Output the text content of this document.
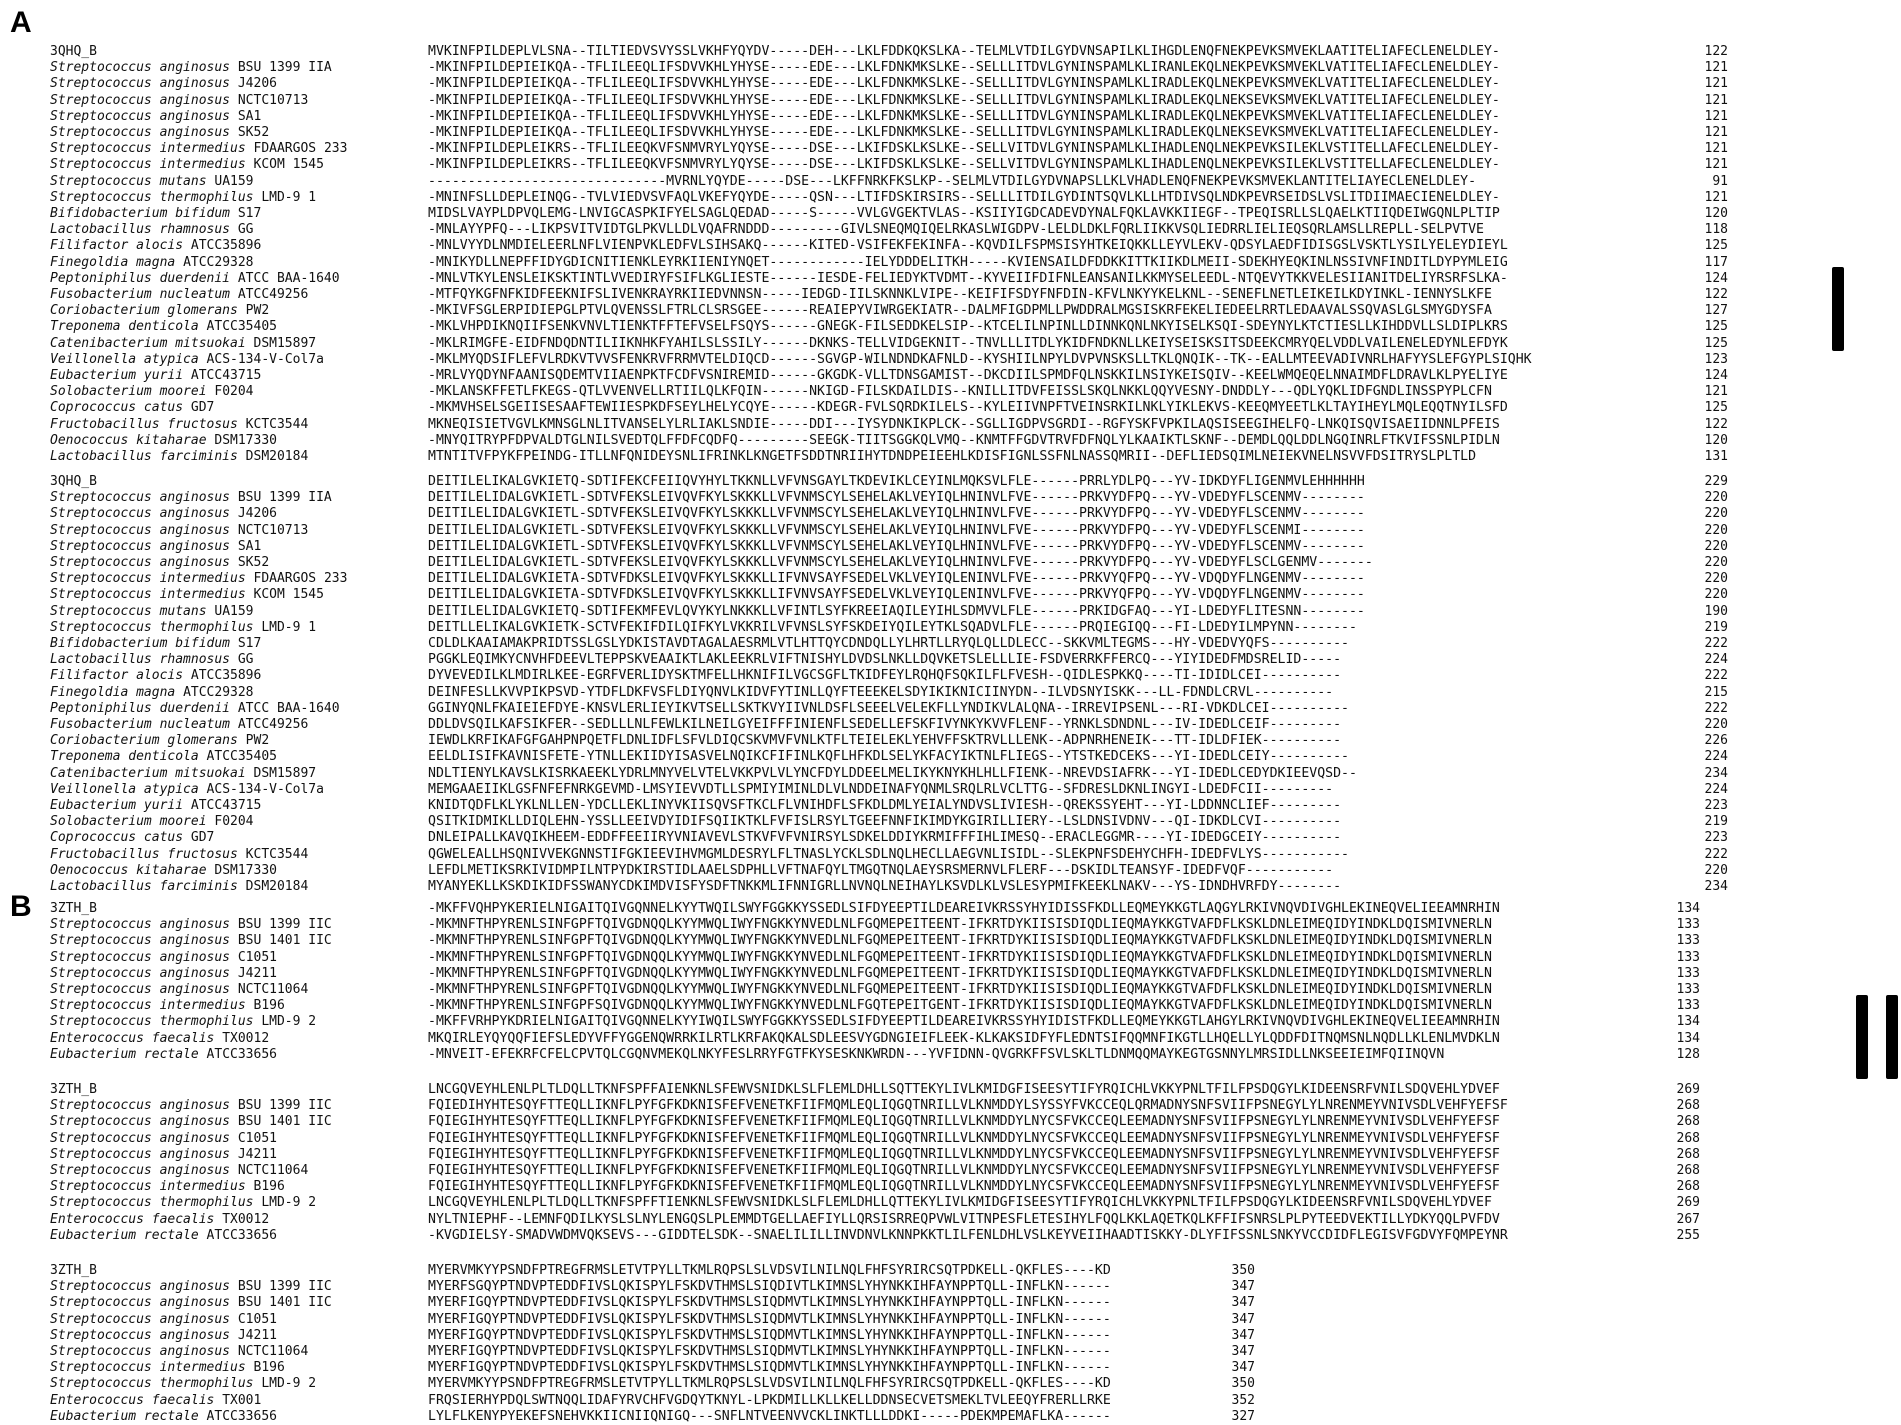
A
B
3QHQ_B	MVKINFPILDEPLVLSNA--TILTIEDVSVYSSLVKHFYQYDV-----DEH---LKLFDDKQKSLKA--TELMLVTDILGYDVNSAPILKLIHGDLENQFNEKPEVKSMVEKLAATITELIAFECLENELDLEY-	122
Streptococcus anginosus BSU 1399 IIA	-MKINFPILDEPIEIKQA--TFLILEEQLIFSDVVKHLYHYSE-----EDE---LKLFDNKMKSLKE--SELLLITDVLGYNINSPAMLKLIRANLEKQLNEKPEVKSMVEKLVATITELIAFECLENELDLEY-	121
Streptococcus anginosus J4206	-MKINFPILDEPIEIKQA--TFLILEEQLIFSDVVKHLYHYSE-----EDE---LKLFDNKMKSLKE--SELLLITDVLGYNINSPAMLKLIRADLEKQLNEKPEVKSMVEKLVATITELIAFECLENELDLEY-	121
Streptococcus anginosus NCTC10713	-MKINFPILDEPIEIKQA--TFLILEEQLIFSDVVKHLYHYSE-----EDE---LKLFDNKMKSLKE--SELLLITDVLGYNINSPAMLKLIRADLEKQLNEKSEVKSMVEKLVATITELIAFECLENELDLEY-	121
Streptococcus anginosus SA1	-MKINFPILDEPIEIKQA--TFLILEEQLIFSDVVKHLYHYSE-----EDE---LKLFDNKMKSLKE--SELLLITDVLGYNINSPAMLKLIRADLEKQLNEKPEVKSMVEKLVATITELIAFECLENELDLEY-	121
Streptococcus anginosus SK52	-MKINFPILDEPIEIKQA--TFLILEEQLIFSDVVKHLYHYSE-----EDE---LKLFDNKMKSLKE--SELLLITDVLGYNINSPAMLKLIRADLEKQLNEKSEVKSMVEKLVATITELIAFECLENELDLEY-	121
Streptococcus intermedius FDAARGOS 233	-MKINFPILDEPLEIKRS--TFLILEEQKVFSNMVRYLYQYSE-----DSE---LKIFDSKLKSLKE--SELLVITDVLGYNINSPAMLKLIHADLENQLNEKPEVKSILEKLVSTITELLAFECLENELDLEY-	121
Streptococcus intermedius KCOM 1545	-MKINFPILDEPLEIKRS--TFLILEEQKVFSNMVRYLYQYSE-----DSE---LKIFDSKLKSLKE--SELLVITDVLGYNINSPAMLKLIHADLENQLNEKPEVKSILEKLVSTITELLAFECLENELDLEY-	121
Streptococcus mutans UA159	------------------------------MVRNLYQYDE-----DSE---LKFFNRKFKSLKP--SELMLVTDILGYDVNAPSLLKLVHADLENQFNEKPEVKSMVEKLANTITELIAYECLENELDLEY-	91
Streptococcus thermophilus LMD-9 1	-MNINFSLLDEPLEINQG--TVLVIEDVSVFAQLVKEFYQYDE-----QSN---LTIFDSKIRSIRS--SELLLITDILGYDINTSQVLKLLHTDIVSQLNDKPEVRSEIDSLVSLITDIIMAECIENELDLEY-	121
Bifidobacterium bifidum S17	MIDSLVAYPLDPVQLEMG-LNVIGCASPKIFYELSAGLQEDAD-----S-----VVLGVGEKTVLAS--KSIIYIGDCADEVDYNALFQKLAVKKIIEGF--TPEQISRLLSLQAELKTIIQDEIWGQNLPLTIP	120
Lactobacillus rhamnosus GG	-MNLAYYPFQ---LIKPSVITVIDTGLPKVLLDLVQAFRNDDD---------GIVLSNEQMQIQELRKASLWIGDPV-LELDLDKLFQRLIIKKVSQLIEDRRLIELIEQSQRLAMSLLREPLL-SELPVTVE	118
Filifactor alocis ATCC35896	-MNLVYYDLNMDIELEERLNFLVIENPVKLEDFVLSIHSAKQ------KITED-VSIFEKFEKINFA--KQVDILFSPMSISYHTKEIQKKLLEYVLEKV-QDSYLAEDFIDISGSLVSKTLYSILYELEYDIEYL	125
Finegoldia magna ATCC29328	-MNIKYDLLNEPFFIDYGDICNITIENKLEYRKIIENIYNQET------------IELYDDDELITKH-----KVIENSAILDFDDKKITTKIIKDLMEII-SDEKHYEQKINLNSSIVNFINDITLDYPYMLEIG	117
Peptoniphilus duerdenii ATCC BAA-1640	-MNLVTKYLENSLEIKSKTINTLVVEDIRYFSIFLKGLIESTE------IESDE-FELIEDYKTVDMT--KYVEIIFDIFNLEANSANILKKMYSELEEDL-NTQEVYTKKVELESIIANITDELIYRSRFSLKA-	124
Fusobacterium nucleatum ATCC49256	-MTFQYKGFNFKIDFEEKNIFSLIVENKRAYRKIIEDVNNSN-----IEDGD-IILSKNNKLVIPE--KEIFIFSDYFNFDIN-KFVLNKYYKELKNL--SENEFLNETLEIKEILKDYINKL-IENNYSLKFE	122
Coriobacterium glomerans PW2	-MKIVFSGLERPIDIEPGLPTVLQVENSSLFTRLCLSRSGEE------REAIEPYVIWRGEKIATR--DALMFIGDPMLLPWDDRALMGSISKRFEKELIEDEELRRTLEDAAVALSSQVASLGLSMYGDYSFA	127
Treponema denticola ATCC35405	-MKLVHPDIKNQIIFSENKVNVLTIENKTFFTEFVSELFSQYS------GNEGK-FILSEDDKELSIP--KTCELILNPINLLDINNKQNLNKYISELKSQI-SDEYNYLKTCTIESLLKIHDDVLLSLDIPLKRS	125
Catenibacterium mitsuokai DSM15897	-MKLRIMGFE-EIDFNDQDNTILIIKNHKFYAHILSLSSILY------DKNKS-TELLVIDGEKNIT--TNVLLLITDLYKIDFNDKNLLKEIYSEISKSITSDEEKCMRYQELVDDLVAILENELEDYNLEFDYK	125
Veillonella atypica ACS-134-V-Col7a	-MKLMYQDSIFLEFVLRDKVTVVSFENKRVFRRMVTELDIQCD------SGVGP-WILNDNDKAFNLD--KYSHIILNPYLDVPVNSKSLLTKLQNQIK--TK--EALLMTEEVADIVNRLHAFYYSLEFGYPLSIQHK	123
Eubacterium yurii ATCC43715	-MRLVYQDYNFAANISQDEMTVIIAENPKTFCDFVSNIREMID------GKGDK-VLLTDNSGAMIST--DKCDIILSPMDFQLNSKKILNSIYKEISQIV--KEELWMQEQELNNAIMDFLDRAVLKLPYELIYE	124
Solobacterium moorei F0204	-MKLANSKFFETLFKEGS-QTLVVENVELLRTIILQLKFQIN------NKIGD-FILSKDAILDIS--KNILLITDVFEISSLSKQLNKKLQQYVESNY-DNDDLY---QDLYQKLIDFGNDLINSSPYPLCFN	121
Coprococcus catus GD7	-MKMVHSELSGEIISESAAFTEWIIESPKDFSEYLHELYCQYE------KDEGR-FVLSQRDKILELS--KYLEIIVNPFTVEINSRKILNKLYIKLEKVS-KEEQMYEETLKLTAYIHEYLMQLEQQTNYILSFD	125
Fructobacillus fructosus KCTC3544	MKNEQISIETVGVLKMNSGLNLITVANSELYLRLIAKLSNDIE-----DDI---IYSYDNKIKPLCK--SGLLIGDPVSGRDI--RGFYSKFVPKILAQSISEEGIHELFQ-LNKQISQVISAEIIDNNLPFEIS	122
Oenococcus kitaharae DSM17330	-MNYQITRYPFDPVALDTGLNILSVEDTQLFFDFCQDFQ---------SEEGK-TIITSGGKQLVMQ--KNMTFFGDVTRVFDFNQLYLKAAIKTLSKNF--DEMDLQQLDDLNGQINRLFTKVIFSSNLPIDLN	120
Lactobacillus farciminis DSM20184	MTNTITVFPYKFPEINDG-ITLLNFQNIDEYSNLIFRINKLKNGETFSDDTNRIIHYTDNDPEIEEHLKDISFIGNLSSFNLNASSQMRII--DEFLIEDSQIMLNEIEKVNELNSVVFDSITRYSLPLTLD	131
3QHQ_B	DEITILELIKALGVKIETQ-SDTIFEKCFEIIQVYHYLTKKNLLVFVNSGAYLTKDEVIKLCEYINLMQKSVLFLE------PRRLYDLPQ---YV-IDKDYFLIGENMVLEHHHHHH	229
Streptococcus anginosus BSU 1399 IIA	DEITILELIDALGVKIETL-SDTVFEKSLEIVQVFKYLSKKKLLVFVNMSCYLSEHELAKLVEYIQLHNINVLFVE------PRKVYDFPQ---YV-VDEDYFLSCENMV--------	220
Streptococcus anginosus J4206	DEITILELIDALGVKIETL-SDTVFEKSLEIVQVFKYLSKKKLLVFVNMSCYLSEHELAKLVEYIQLHNINVLFVE------PRKVYDFPQ---YV-VDEDYFLSCENMV--------	220
Streptococcus anginosus NCTC10713	DEITILELIDALGVKIETL-SDTVFEKSLEIVQVFKYLSKKKLLVFVNMSCYLSEHELAKLVEYIQLHNINVLFVE------PRKVYDFPQ---YV-VDEDYFLSCENMI--------	220
Streptococcus anginosus SA1	DEITILELIDALGVKIETL-SDTVFEKSLEIVQVFKYLSKKKLLVFVNMSCYLSEHELAKLVEYIQLHNINVLFVE------PRKVYDFPQ---YV-VDEDYFLSCENMV--------	220
Streptococcus anginosus SK52	DEITILELIDALGVKIETL-SDTVFEKSLEIVQVFKYLSKKKLLVFVNMSCYLSEHELAKLVEYIQLHNINVLFVE------PRKVYDFPQ---YV-VDEDYFLSCLGENMV-------	220
Streptococcus intermedius FDAARGOS 233	DEITILELIDALGVKIETA-SDTVFDKSLEIVQVFKYLSKKKLLIFVNVSAYFSEDELVKLVEYIQLENINVLFVE------PRKVYQFPQ---YV-VDQDYFLNGENMV--------	220
Streptococcus intermedius KCOM 1545	DEITILELIDALGVKIETA-SDTVFDKSLEIVQVFKYLSKKKLLIFVNVSAYFSEDELVKLVEYIQLENINVLFVE------PRKVYQFPQ---YV-VDQDYFLNGENMV--------	220
Streptococcus mutans UA159	DEITILELIDALGVKIETQ-SDTIFEKMFEVLQVYKYLNKKKLLVFINTLSYFKREEIAQILEYIHLSDMVVLFLE------PRKIDGFAQ---YI-LDEDYFLITESNN--------	190
Streptococcus thermophilus LMD-9 1	DEITLLELIKALGVKIETK-SCTVFEKIFDILQIFKYLVKKRILVFVNSLSYFSKDEIYQILEYTKLSQADVLFLE------PRQIEGIQQ---FI-LDEDYILMPYNN--------	219
Bifidobacterium bifidum S17	CDLDLKAAIAMAKPRIDTSSLGSLYDKISTAVDTAGALAESRMLVTLHTTQYCDNDQLLYLHRTLLRYQLQLLDLECC--SKKVMLTEGMS---HY-VDEDVYQFS----------	222
Lactobacillus rhamnosus GG	PGGKLEQIMKYCNVHFDEEVLTEPPSKVEAAIKTLAKLEEKRLVIFTNISHYLDVDSLNKLLDQVKETSLELLLIE-FSDVERRKFFERCQ---YIYIDEDFMDSRELID-----	224
Filifactor alocis ATCC35896	DYVEVEDILKLMDIRLKEE-EGRFVERLIDYSKTMFELLHKNIFILVGCSGFLTKIDFEYLRQHQFSQKILFLFVESH--QIDLESPKKQ----TI-IDIDLCEI----------	222
Finegoldia magna ATCC29328	DEINFESLLKVVPIKPSVD-YTDFLDKFVSFLDIYQNVLKIDVFYTINLLQYFTEEEKELSDYIKIKNICIINYDN--ILVDSNYISKK---LL-FDNDLCRVL----------	215
Peptoniphilus duerdenii ATCC BAA-1640	GGINYQNLFKAIEIEFDYE-KNSVLERLIEYIKVTSELLSKTKVYIIVNLDSFLSEEELVELEKFLLYNDIKVLALQNA--IRREVIPSENL---RI-VDKDLCEI----------	222
Fusobacterium nucleatum ATCC49256	DDLDVSQILKAFSIKFER--SEDLLLNLFEWLKILNEILGYEIFFFINIENFLSEDELLEFSKFIVYNKYKVVFLENF--YRNKLSDNDNL---IV-IDEDLCEIF---------	220
Coriobacterium glomerans PW2	IEWDLKRFIKAFGFGAHPNPQETFLDNLIDFLSFVLDIQCSKVMVFVNLKTFLTEIELEKLYEHVFFSKTRVLLLENK--ADPNRHENEIK---TT-IDLDFIEK----------	226
Treponema denticola ATCC35405	EELDLISIFKAVNISFETE-YTNLLEKIIDYISASVELNQIKCFIFINLKQFLHFKDLSELYKFACYIKTNLFLIEGS--YTSTKEDCEKS---YI-IDEDLCEIY----------	224
Catenibacterium mitsuokai DSM15897	NDLTIENYLKAVSLKISRKAEEKLYDRLMNYVELVTELVKKPVLVLYNCFDYLDDEELMELIKYKNYKHLHLLFIENK--NREVDSIAFRK---YI-IDEDLCEDYDKIEEVQSD--	234
Veillonella atypica ACS-134-V-Col7a	MEMGAAEIIKLGSFNFEFNRKGEVMD-LMSYIEVVDTLLSPMIYIMINLDLVLNDDEINAFYQNMLSRQLRLVCLTTG--SFDRESLDKNLINGYI-LDEDFCII---------	224
Eubacterium yurii ATCC43715	KNIDTQDFLKLYKLNLLEN-YDCLLEKLINYVKIISQVSFTKCLFLVNIHDFLSFKDLDMLYEIALYNDVSLIVIESH--QREKSSYEHT---YI-LDDNNCLIEF---------	223
Solobacterium moorei F0204	QSITKIDMIKLLDIQLEHN-YSSLLEEIVDYIDIFSQIIKTKLFVFISLRSYLTGEEFNNFIKIMDYKGIRILLIERY--LSLDNSIVDNV---QI-IDKDLCVI----------	219
Coprococcus catus GD7	DNLEIPALLKAVQIKHEEM-EDDFFEEIIRYVNIAVEVLSTKVFVFVNIRSYLSDKELDDIYKRMIFFFIHLIMESQ--ERACLEGGMR----YI-IDEDGCEIY----------	223
Fructobacillus fructosus KCTC3544	QGWELEALLHSQNIVVEKGNNSTIFGKIEEVIHVMGMLDESRYLFLTNASLYCKLSDLNQLHECLLAEGVNLISIDL--SLEKPNFSDEHYCHFH-IDEDFVLYS-----------	222
Oenococcus kitaharae DSM17330	LEFDLMETIKSRKIVIDMPILNTPYDKIRSTIDLAAELSDPHLLVFTNAFQYLTMGQTNQLAEYSRSMERNVLFLERF---DSKIDLTEANSYF-IDEDFVQF-----------	220
Lactobacillus farciminis DSM20184	MYANYEKLLKSKDIKIDFSSWANYCDKIMDVISFYSDFTNKKMLIFNNIGRLLNVNQLNEIHAYLKSVDLKLVSLESYPMIFKEEKLNAKV---YS-IDNDHVRFDY--------	234
3ZTH_B	-MKFFVQHPYKERIELNIGAITQIVGQNNELKYYTWQILSWYFGGKKYSSEDLSIFDYEEPTILDEAREIVKRSSYHYIDISSFKDLLEQMEYKKGTLAQGYLRKIVNQVDIVGHLEKINEQVELIEEAMNRHIN	134
Streptococcus anginosus BSU 1399 IIC	-MKMNFTHPYRENLSINFGPFTQIVGDNQQLKYYMWQLIWYFNGKKYNVEDLNLFGQMEPEITEENT-IFKRTDYKIISISDIQDLIEQMAYKKGTVAFDFLKSKLDNLEIMEQIDYINDKLDQISMIVNERLN	133
Streptococcus anginosus BSU 1401 IIC	-MKMNFTHPYRENLSINFGPFTQIVGDNQQLKYYMWQLIWYFNGKKYNVEDLNLFGQMEPEITEENT-IFKRTDYKIISISDIQDLIEQMAYKKGTVAFDFLKSKLDNLEIMEQIDYINDKLDQISMIVNERLN	133
Streptococcus anginosus C1051	-MKMNFTHPYRENLSINFGPFTQIVGDNQQLKYYMWQLIWYFNGKKYNVEDLNLFGQMEPEITEENT-IFKRTDYKIISISDIQDLIEQMAYKKGTVAFDFLKSKLDNLEIMEQIDYINDKLDQISMIVNERLN	133
Streptococcus anginosus J4211	-MKMNFTHPYRENLSINFGPFTQIVGDNQQLKYYMWQLIWYFNGKKYNVEDLNLFGQMEPEITEENT-IFKRTDYKIISISDIQDLIEQMAYKKGTVAFDFLKSKLDNLEIMEQIDYINDKLDQISMIVNERLN	133
Streptococcus anginosus NCTC11064	-MKMNFTHPYRENLSINFGPFTQIVGDNQQLKYYMWQLIWYFNGKKYNVEDLNLFGQMEPEITEENT-IFKRTDYKIISISDIQDLIEQMAYKKGTVAFDFLKSKLDNLEIMEQIDYINDKLDQISMIVNERLN	133
Streptococcus intermedius B196	-MKMNFTHPYRENLSINFGPFSQIVGDNQQLKYYMWQLIWYFNGKKYNVEDLNLFGQTEPEITGENT-IFKRTDYKIISISDIQDLIEQMAYKKGTVAFDFLKSKLDNLEIMEQIDYINDKLDQISMIVNERLN	133
Streptococcus thermophilus LMD-9 2	-MKFFVRHPYKDRIELNIGAITQIVGQNNELKYYIWQILSWYFGGKKYSSEDLSIFDYEEPTILDEAREIVKRSSYHYIDISTFKDLLEQMEYKKGTLAHGYLRKIVNQVDIVGHLEKINEQVELIEEAMNRHIN	134
Enterococcus faecalis TX0012	MKQIRLEYQYQQFIEFSLEDYVFFYGGENQWRRKILRTLKRFAKQKALSDLEESVYGDNGIEIFLEEK-KLKAKSIDFYFLEDNTSIFQQMNFIKGTLLHQELLYLQDDFDITNQMSNLNQDLLKLENLMVDKLN	134
Eubacterium rectale ATCC33656	-MNVEIT-EFEKRFCFELCPVTQLCGQNVMEKQLNKYFESLRRYFGTFKYSESKNKWRDN---YVFIDNN-QVGRKFFSVLSKLTLDNMQQMAYKEGTGSNNYLMRSIDLLNKSEEIEIMFQIINQVN	128
3ZTH_B	LNCGQVEYHLENLPLTLDQLLTKNFSPFFAIENKNLSFEWVSNIDKLSLFLEMLDHLLSQTTEKYLIVLKMIDGFISEESYTIFYRQICHLVKKYPNLTFILFPSDQGYLKIDEENSRFVNILSDQVEHLYDVEF	269
Streptococcus anginosus BSU 1399 IIC	FQIEDIHYHTESQYFTTEQLLIKNFLPYFGFKDKNISFEFVENETKFIIFMQMLEQLIQGQTNRILLVLKNMDDYLSYSSYFVKCCEQLQRMADNYSNFSVIIFPSNEGYLYLNRENMEYVNIVSDLVEHFYEFSF	268
Streptococcus anginosus BSU 1401 IIC	FQIEGIHYHTESQYFTTEQLLIKNFLPYFGFKDKNISFEFVENETKFIIFMQMLEQLIQGQTNRILLVLKNMDDYLNYCSFVKCCEQLEEMADNYSNFSVIIFPSNEGYLYLNRENMEYVNIVSDLVEHFYEFSF	268
Streptococcus anginosus C1051	FQIEGIHYHTESQYFTTEQLLIKNFLPYFGFKDKNISFEFVENETKFIIFMQMLEQLIQGQTNRILLVLKNMDDYLNYCSFVKCCEQLEEMADNYSNFSVIIFPSNEGYLYLNRENMEYVNIVSDLVEHFYEFSF	268
Streptococcus anginosus J4211	FQIEGIHYHTESQYFTTEQLLIKNFLPYFGFKDKNISFEFVENETKFIIFMQMLEQLIQGQTNRILLVLKNMDDYLNYCSFVKCCEQLEEMADNYSNFSVIIFPSNEGYLYLNRENMEYVNIVSDLVEHFYEFSF	268
Streptococcus anginosus NCTC11064	FQIEGIHYHTESQYFTTEQLLIKNFLPYFGFKDKNISFEFVENETKFIIFMQMLEQLIQGQTNRILLVLKNMDDYLNYCSFVKCCEQLEEMADNYSNFSVIIFPSNEGYLYLNRENMEYVNIVSDLVEHFYEFSF	268
Streptococcus intermedius B196	FQIEGIHYHTESQYFTTEQLLIKNFLPYFGFKDKNISFEFVENETKFIIFMQMLEQLIQGQTNRILLVLKNMDDYLNYCSFVKCCEQLEEMADNYSNFSVIIFPSNEGYLYLNRENMEYVNIVSDLVEHFYEFSF	268
Streptococcus thermophilus LMD-9 2	LNCGQVEYHLENLPLTLDQLLTKNFSPFFTIENKNLSFEWVSNIDKLSLFLEMLDHLLQTTEKYLIVLKMIDGFISEESYTIFYRQICHLVKKYPNLTFILFPSDQGYLKIDEENSRFVNILSDQVEHLYDVEF	269
Enterococcus faecalis TX0012	NYLTNIEPHF--LEMNFQDILKYSLSLNYLENGQSLPLEMMDTGELLAEFIYLLQRSISRREQPVWLVITNPESFLETESIHYLFQQLKKLAQETKQLKFFIFSNRSLPLPYTEEDVEKTILLYDKYQQLPVFDV	267
Eubacterium rectale ATCC33656	-KVGDIELSY-SMADVWDMVQKSEVS---GIDDTELSDK--SNAELILILLINVDNVLKNNPKKTLILFENLDHLVSLKEYVEIIHAADTISKKY-DLYFIFSSNLSNKYVCCDIDFLEGISVFGDVYFQMPEYNR	255
3ZTH_B	MYERVMKYYPSNDFPTREGFRMSLETVTPYLLTKMLRQPSLSLVDSVILNILNQLFHFSYRIRCSQTPDKELL-QKFLES----KD	350
Streptococcus anginosus BSU 1399 IIC	MYERFSGQYPTNDVPTEDDFIVSLQKISPYLFSKDVTHMSLSIQDIVTLKIMNSLYHYNKKIHFAYNPPTQLL-INFLKN------	347
Streptococcus anginosus BSU 1401 IIC	MYERFIGQYPTNDVPTEDDFIVSLQKISPYLFSKDVTHMSLSIQDMVTLKIMNSLYHYNKKIHFAYNPPTQLL-INFLKN------	347
Streptococcus anginosus C1051	MYERFIGQYPTNDVPTEDDFIVSLQKISPYLFSKDVTHMSLSIQDMVTLKIMNSLYHYNKKIHFAYNPPTQLL-INFLKN------	347
Streptococcus anginosus J4211	MYERFIGQYPTNDVPTEDDFIVSLQKISPYLFSKDVTHMSLSIQDMVTLKIMNSLYHYNKKIHFAYNPPTQLL-INFLKN------	347
Streptococcus anginosus NCTC11064	MYERFIGQYPTNDVPTEDDFIVSLQKISPYLFSKDVTHMSLSIQDMVTLKIMNSLYHYNKKIHFAYNPPTQLL-INFLKN------	347
Streptococcus intermedius B196	MYERFIGQYPTNDVPTEDDFIVSLQKISPYLFSKDVTHMSLSIQDMVTLKIMNSLYHYNKKIHFAYNPPTQLL-INFLKN------	347
Streptococcus thermophilus LMD-9 2	MYERVMKYYPSNDFPTREGFRMSLETVTPYLLTKMLRQPSLSLVDSVILNILNQLFHFSYRIRCSQTPDKELL-QKFLES----KD	350
Enterococcus faecalis TX001	FRQSIERHYPDQLSWTNQQLIDAFYRVCHFVGDQYTKNYL-LPKDMILLKLLKELLDDNSECVETSMEKLTVLEEQYFRERLLRKE	352
Eubacterium rectale ATCC33656	LYLFLKENYPYEKEFSNEHVKKIICNIIQNIGQ---SNFLNTVEENVVCKLINKTLLLDDKI-----PDEKMPEMAFLKA------	327
